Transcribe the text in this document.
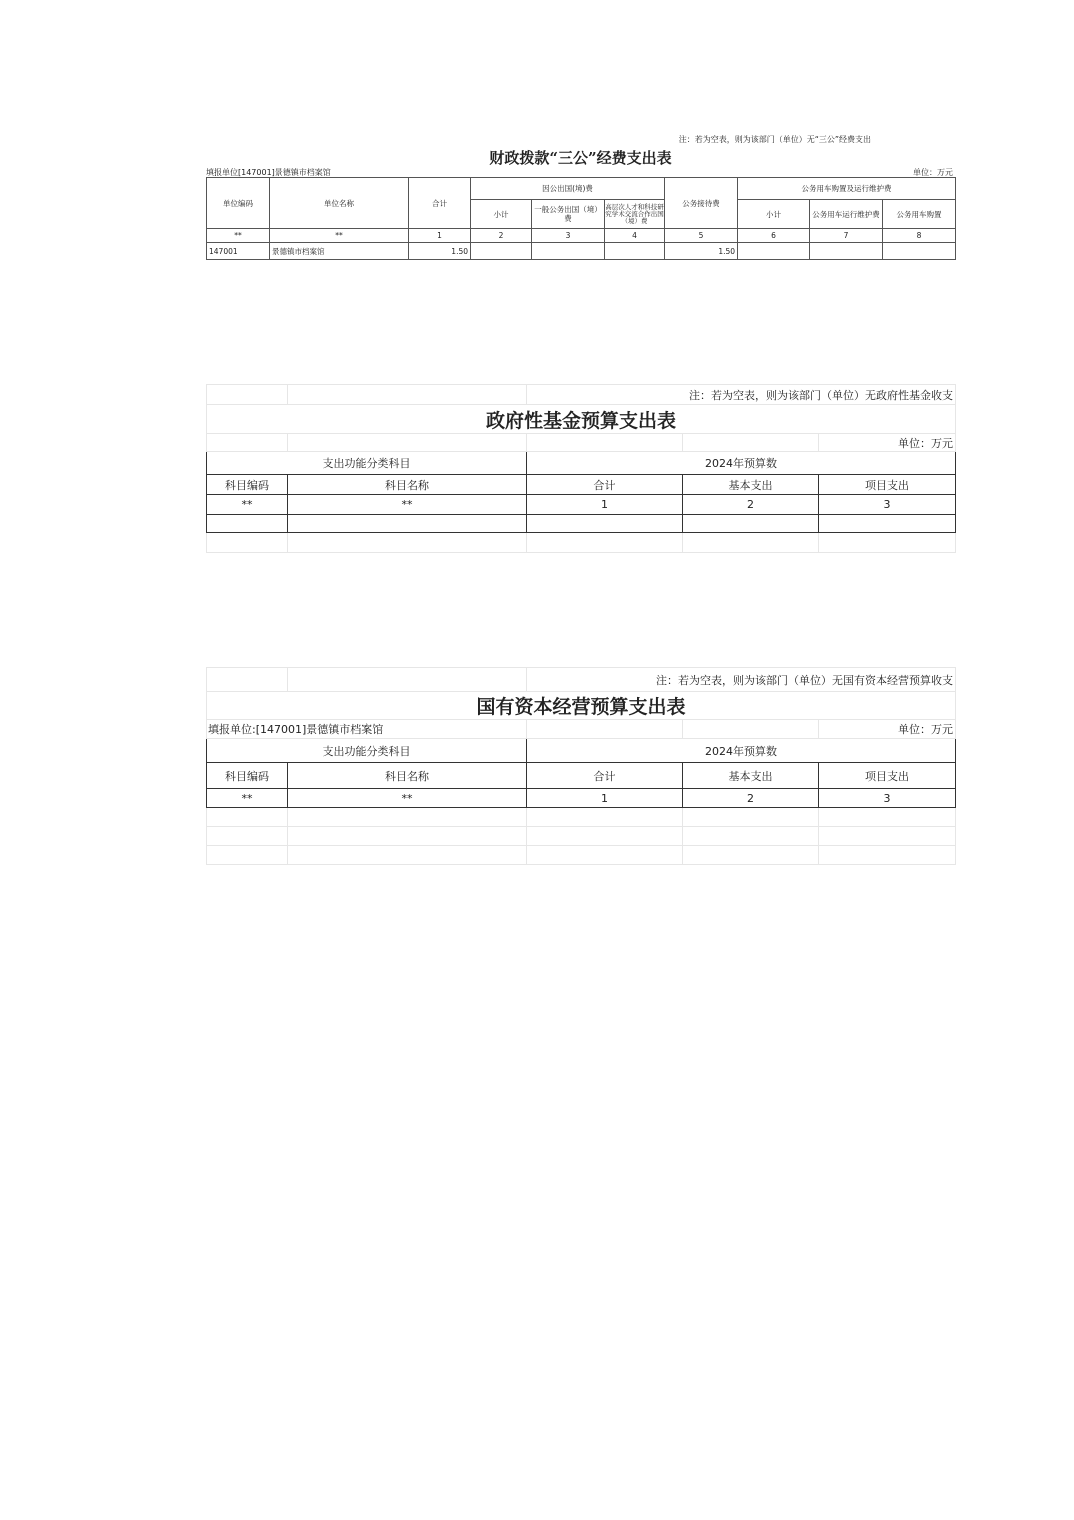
注：若为空表，则为该部门（单位）无“三公”经费支出
财政拨款“三公”经费支出表
填报单位[147001]景德镇市档案馆	单位：万元
单位编码	单位名称	合计	因公出国(境)费			公务接待费	公务用车购置及运行维护费		
			小计	一般公务出国（境）费	高层次人才和科技研究学术交流合作出国（境）费		小计	公务用车运行维护费	公务用车购置
**	**	1	2	3	4	5	6	7	8
147001	景德镇市档案馆	1.50				1.50			
		注：若为空表，则为该部门（单位）无政府性基金收支		
政府性基金预算支出表				
				单位：万元
支出功能分类科目		2024年预算数		
科目编码	科目名称	合计	基本支出	项目支出
**	**	1	2	3

		注：若为空表，则为该部门（单位）无国有资本经营预算收支		
国有资本经营预算支出表				
填报单位:[147001]景德镇市档案馆				单位：万元
支出功能分类科目		2024年预算数		
科目编码	科目名称	合计	基本支出	项目支出
**	**	1	2	3
